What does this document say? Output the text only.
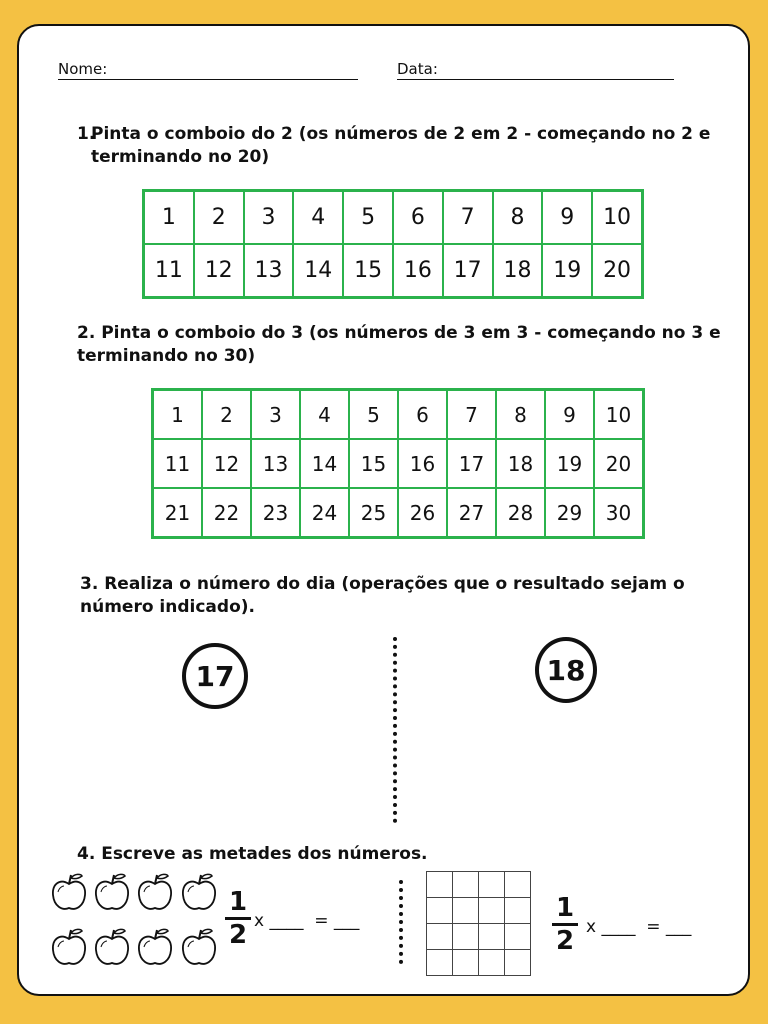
Nome:	Data:
1.
Pinta o comboio do 2 (os números de 2 em 2 - começando no 2 e terminando no 20)
1	2	3	4	5	6	7	8	9	10
11	12	13	14	15	16	17	18	19	20
2. Pinta o comboio do 3 (os números de 3 em 3 - começando no 3 e terminando no 30)
1	2	3	4	5	6	7	8	9	10
11	12	13	14	15	16	17	18	19	20
21	22	23	24	25	26	27	28	29	30
3. Realiza o número do dia (operações que o resultado sejam o número indicado).
17	18
4. Escreve as metades dos números.
1
2 x ____  = ___

				1
2 x ____  = ___
